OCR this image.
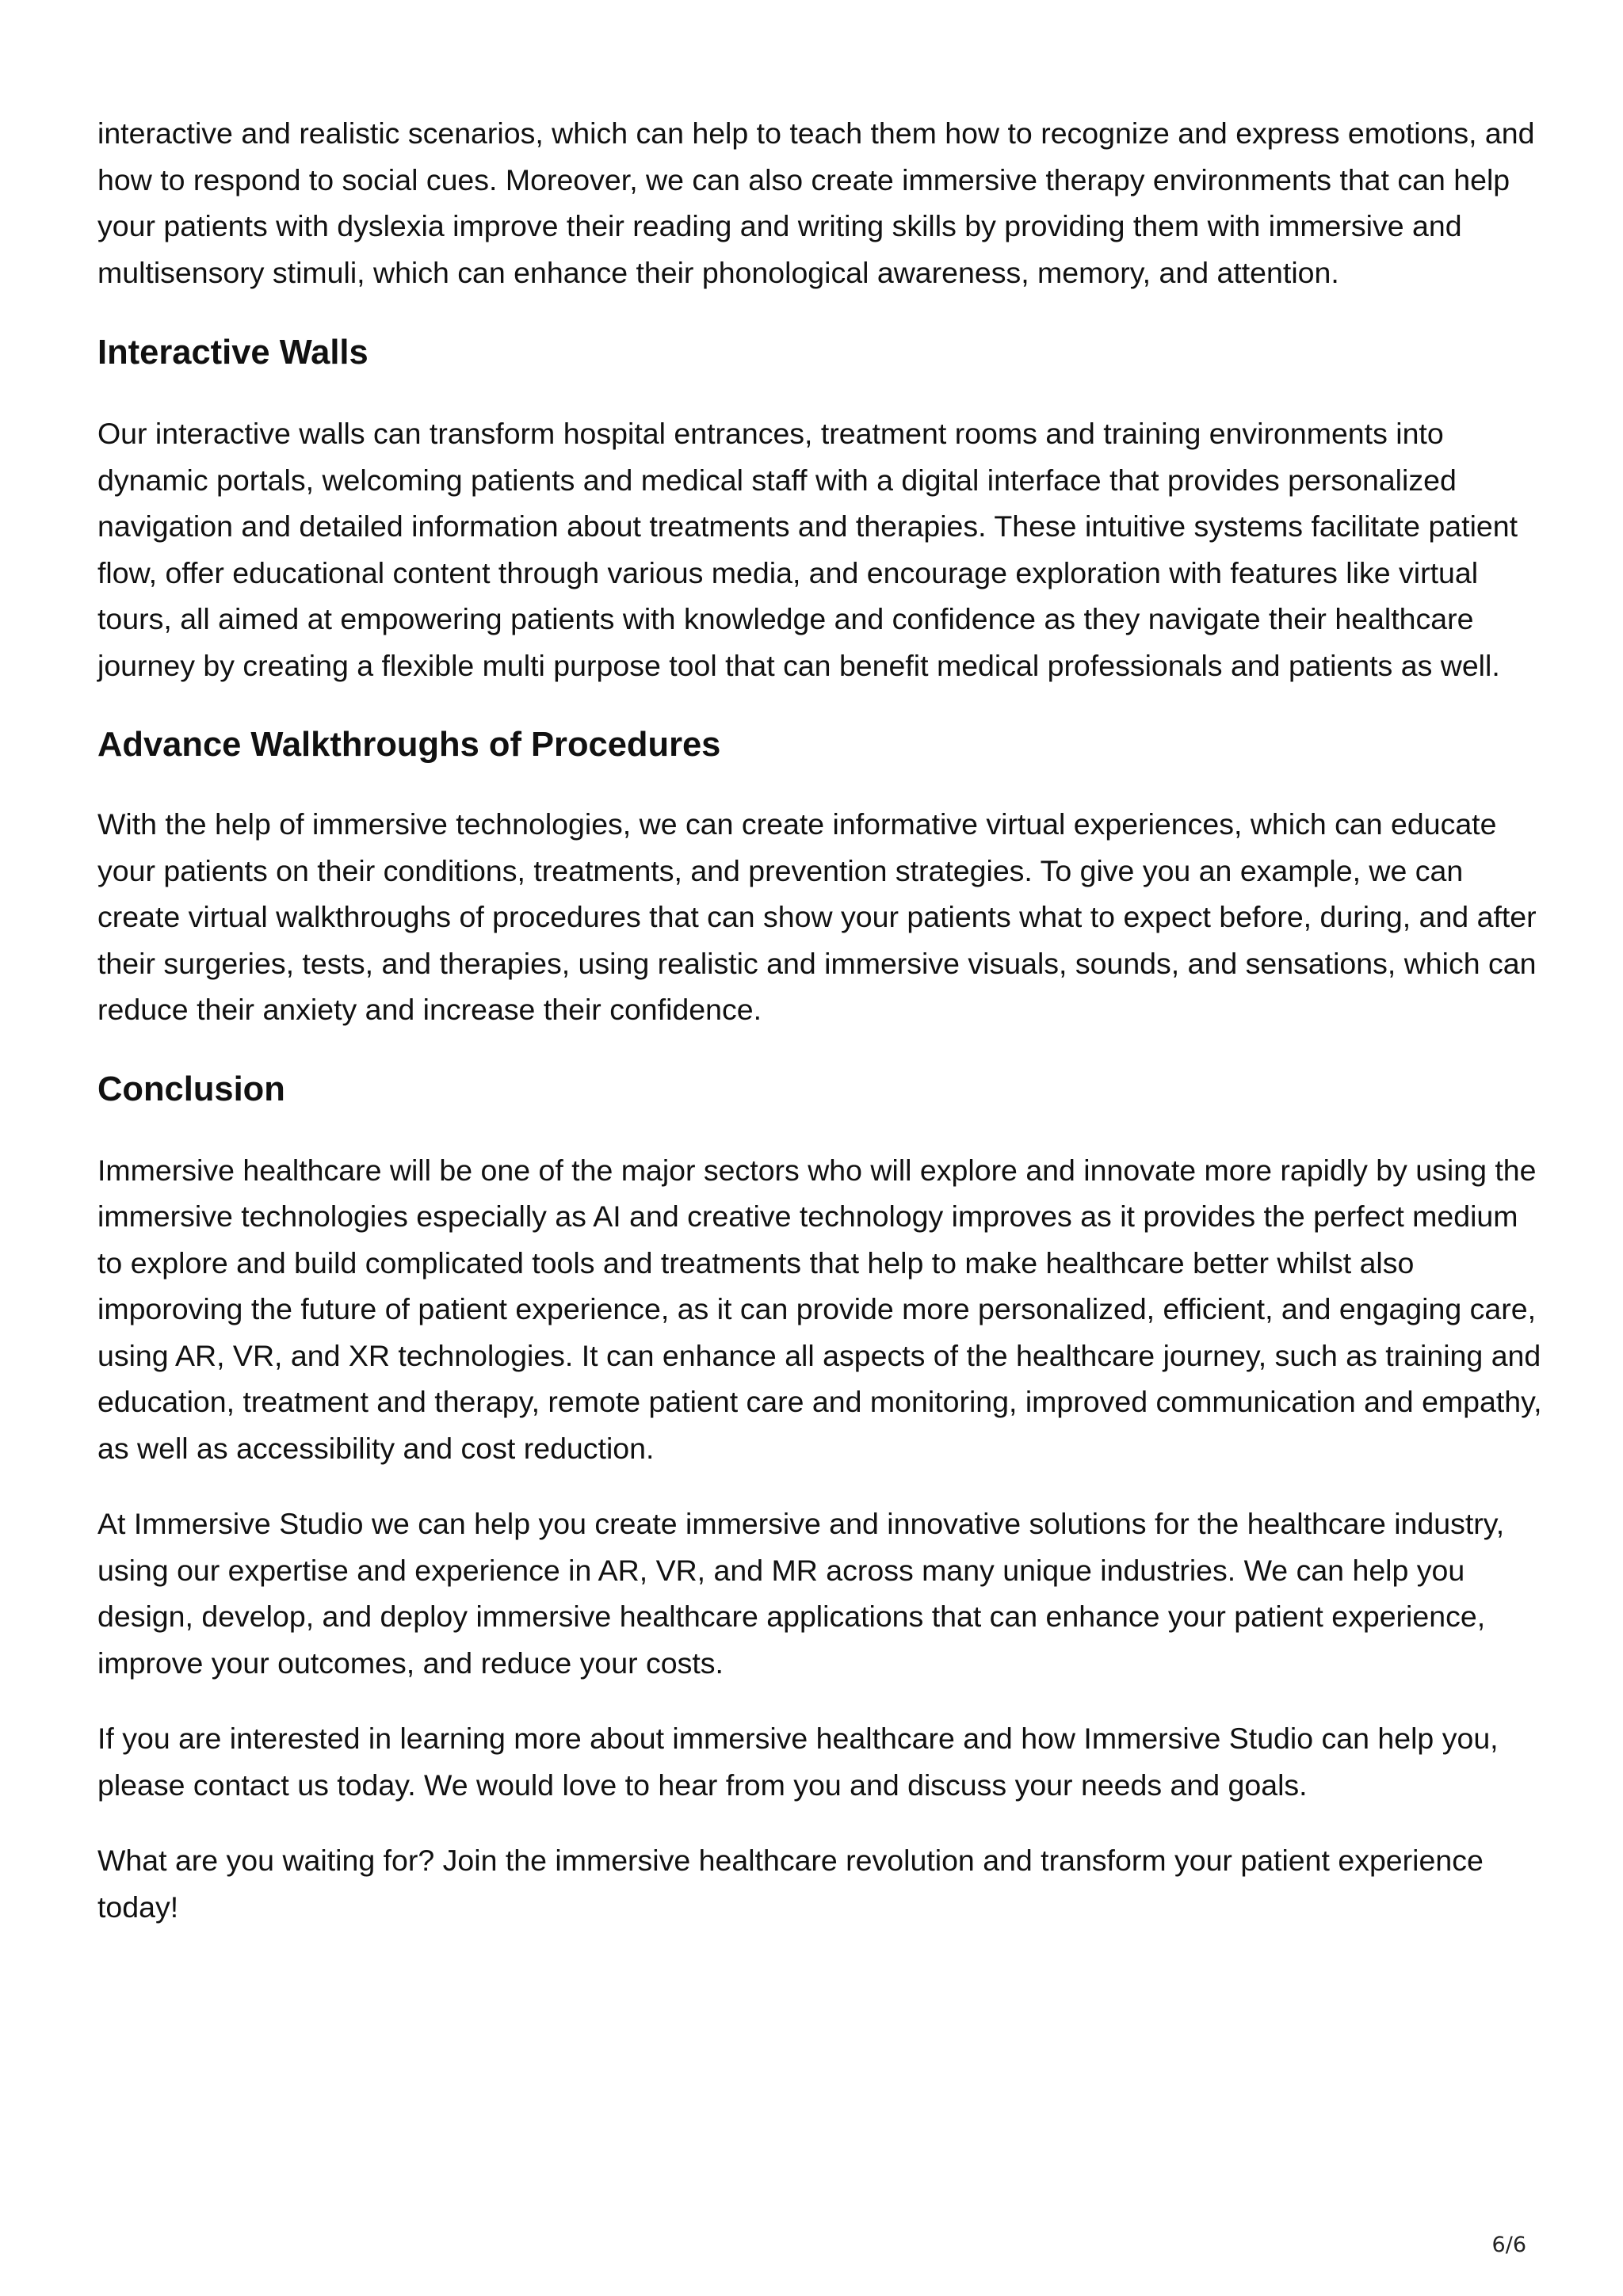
interactive and realistic scenarios, which can help to teach them how to recognize and express emotions, and how to respond to social cues. Moreover, we can also create immersive therapy environments that can help your patients with dyslexia improve their reading and writing skills by providing them with immersive and multisensory stimuli, which can enhance their phonological awareness, memory, and attention.

Interactive Walls

Our interactive walls can transform hospital entrances, treatment rooms and training environments into dynamic portals, welcoming patients and medical staff with a digital interface that provides personalized navigation and detailed information about treatments and therapies. These intuitive systems facilitate patient flow, offer educational content through various media, and encourage exploration with features like virtual tours, all aimed at empowering patients with knowledge and confidence as they navigate their healthcare journey by creating a flexible multi purpose tool that can benefit medical professionals and patients as well.

Advance Walkthroughs of Procedures

With the help of immersive technologies, we can create informative virtual experiences, which can educate your patients on their conditions, treatments, and prevention strategies. To give you an example, we can create virtual walkthroughs of procedures that can show your patients what to expect before, during, and after their surgeries, tests, and therapies, using realistic and immersive visuals, sounds, and sensations, which can reduce their anxiety and increase their confidence.

Conclusion

Immersive healthcare will be one of the major sectors who will explore and innovate more rapidly by using the immersive technologies especially as AI and creative technology improves as it provides the perfect medium to explore and build complicated tools and treatments that help to make healthcare better whilst also imporoving the future of patient experience, as it can provide more personalized, efficient, and engaging care, using AR, VR, and XR technologies. It can enhance all aspects of the healthcare journey, such as training and education, treatment and therapy, remote patient care and monitoring, improved communication and empathy, as well as accessibility and cost reduction.

At Immersive Studio we can help you create immersive and innovative solutions for the healthcare industry, using our expertise and experience in AR, VR, and MR across many unique industries. We can help you design, develop, and deploy immersive healthcare applications that can enhance your patient experience, improve your outcomes, and reduce your costs.

If you are interested in learning more about immersive healthcare and how Immersive Studio can help you, please contact us today. We would love to hear from you and discuss your needs and goals.

What are you waiting for? Join the immersive healthcare revolution and transform your patient experience today!

6/6
